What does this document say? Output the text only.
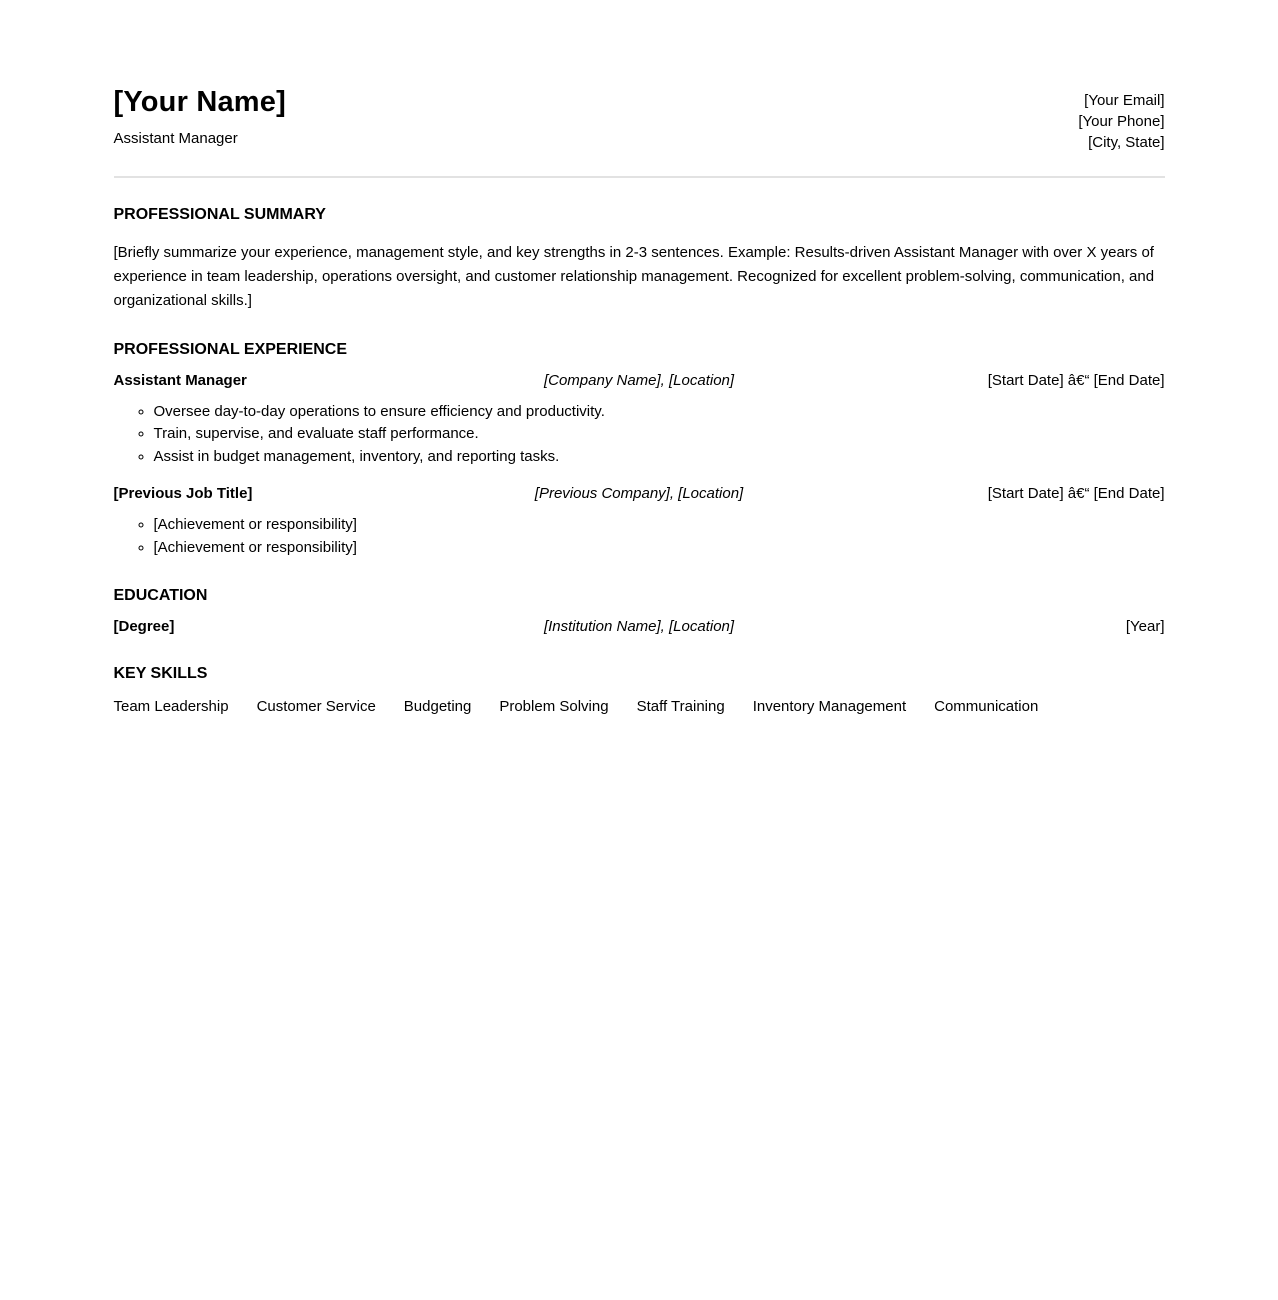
[Your Name]
Assistant Manager
[Your Email]
[Your Phone]
[City, State]
PROFESSIONAL SUMMARY

[Briefly summarize your experience, management style, and key strengths in 2-3 sentences. Example: Results-driven Assistant Manager with over X years of experience in team leadership, operations oversight, and customer relationship management. Recognized for excellent problem-solving, communication, and organizational skills.]

PROFESSIONAL EXPERIENCE
Assistant Manager	[Company Name], [Location]	[Start Date] â€“ [End Date]
◦ Oversee day-to-day operations to ensure efficiency and productivity.
◦ Train, supervise, and evaluate staff performance.
◦ Assist in budget management, inventory, and reporting tasks.
[Previous Job Title]	[Previous Company], [Location]	[Start Date] â€“ [End Date]
◦ [Achievement or responsibility]
◦ [Achievement or responsibility]
EDUCATION
[Degree]	[Institution Name], [Location]	[Year]
KEY SKILLS
Team Leadership Customer Service Budgeting Problem Solving Staff Training Inventory Management Communication
